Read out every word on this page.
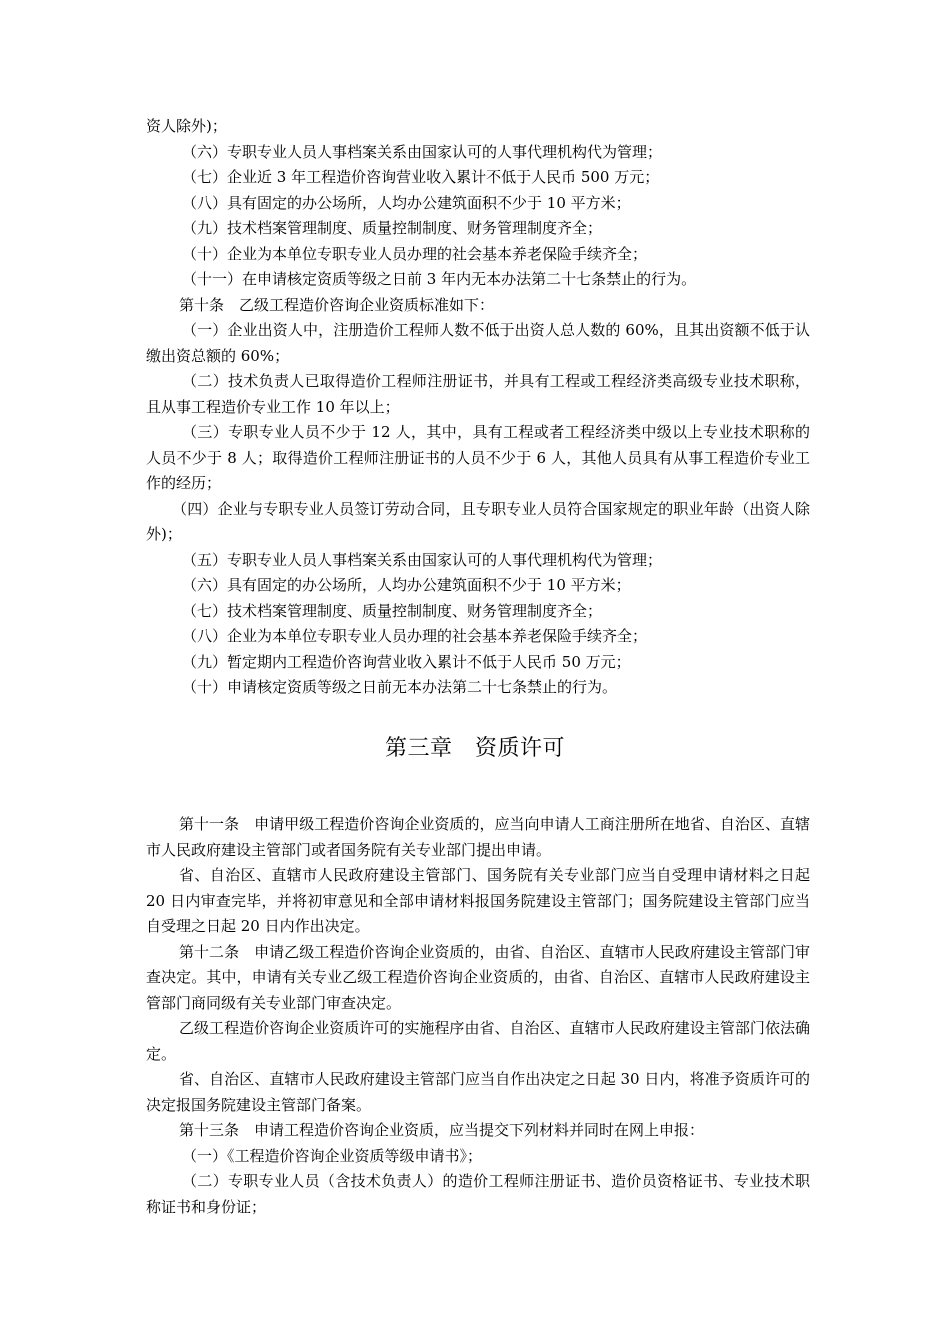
资人除外)；

（六）专职专业人员人事档案关系由国家认可的人事代理机构代为管理；

（七）企业近 3 年工程造价咨询营业收入累计不低于人民币 500 万元；

（八）具有固定的办公场所，人均办公建筑面积不少于 10 平方米；

（九）技术档案管理制度、质量控制制度、财务管理制度齐全；

（十）企业为本单位专职专业人员办理的社会基本养老保险手续齐全；

（十一）在申请核定资质等级之日前 3 年内无本办法第二十七条禁止的行为。

第十条　乙级工程造价咨询企业资质标准如下：

（一）企业出资人中，注册造价工程师人数不低于出资人总人数的 60%，且其出资额不低于认缴出资总额的 60%；

（二）技术负责人已取得造价工程师注册证书，并具有工程或工程经济类高级专业技术职称，且从事工程造价专业工作 10 年以上；

（三）专职专业人员不少于 12 人，其中，具有工程或者工程经济类中级以上专业技术职称的人员不少于 8 人；取得造价工程师注册证书的人员不少于 6 人，其他人员具有从事工程造价专业工作的经历；

（四）企业与专职专业人员签订劳动合同，且专职专业人员符合国家规定的职业年龄（出资人除外)；

（五）专职专业人员人事档案关系由国家认可的人事代理机构代为管理；

（六）具有固定的办公场所，人均办公建筑面积不少于 10 平方米；

（七）技术档案管理制度、质量控制制度、财务管理制度齐全；

（八）企业为本单位专职专业人员办理的社会基本养老保险手续齐全；

（九）暂定期内工程造价咨询营业收入累计不低于人民币 50 万元；

（十）申请核定资质等级之日前无本办法第二十七条禁止的行为。

第三章　资质许可

第十一条　申请甲级工程造价咨询企业资质的，应当向申请人工商注册所在地省、自治区、直辖市人民政府建设主管部门或者国务院有关专业部门提出申请。

省、自治区、直辖市人民政府建设主管部门、国务院有关专业部门应当自受理申请材料之日起 20 日内审查完毕，并将初审意见和全部申请材料报国务院建设主管部门；国务院建设主管部门应当自受理之日起 20 日内作出决定。

第十二条　申请乙级工程造价咨询企业资质的，由省、自治区、直辖市人民政府建设主管部门审查决定。其中，申请有关专业乙级工程造价咨询企业资质的，由省、自治区、直辖市人民政府建设主管部门商同级有关专业部门审查决定。

乙级工程造价咨询企业资质许可的实施程序由省、自治区、直辖市人民政府建设主管部门依法确定。

省、自治区、直辖市人民政府建设主管部门应当自作出决定之日起 30 日内，将准予资质许可的决定报国务院建设主管部门备案。

第十三条　申请工程造价咨询企业资质，应当提交下列材料并同时在网上申报：

（一）《工程造价咨询企业资质等级申请书》；

（二）专职专业人员（含技术负责人）的造价工程师注册证书、造价员资格证书、专业技术职称证书和身份证；
